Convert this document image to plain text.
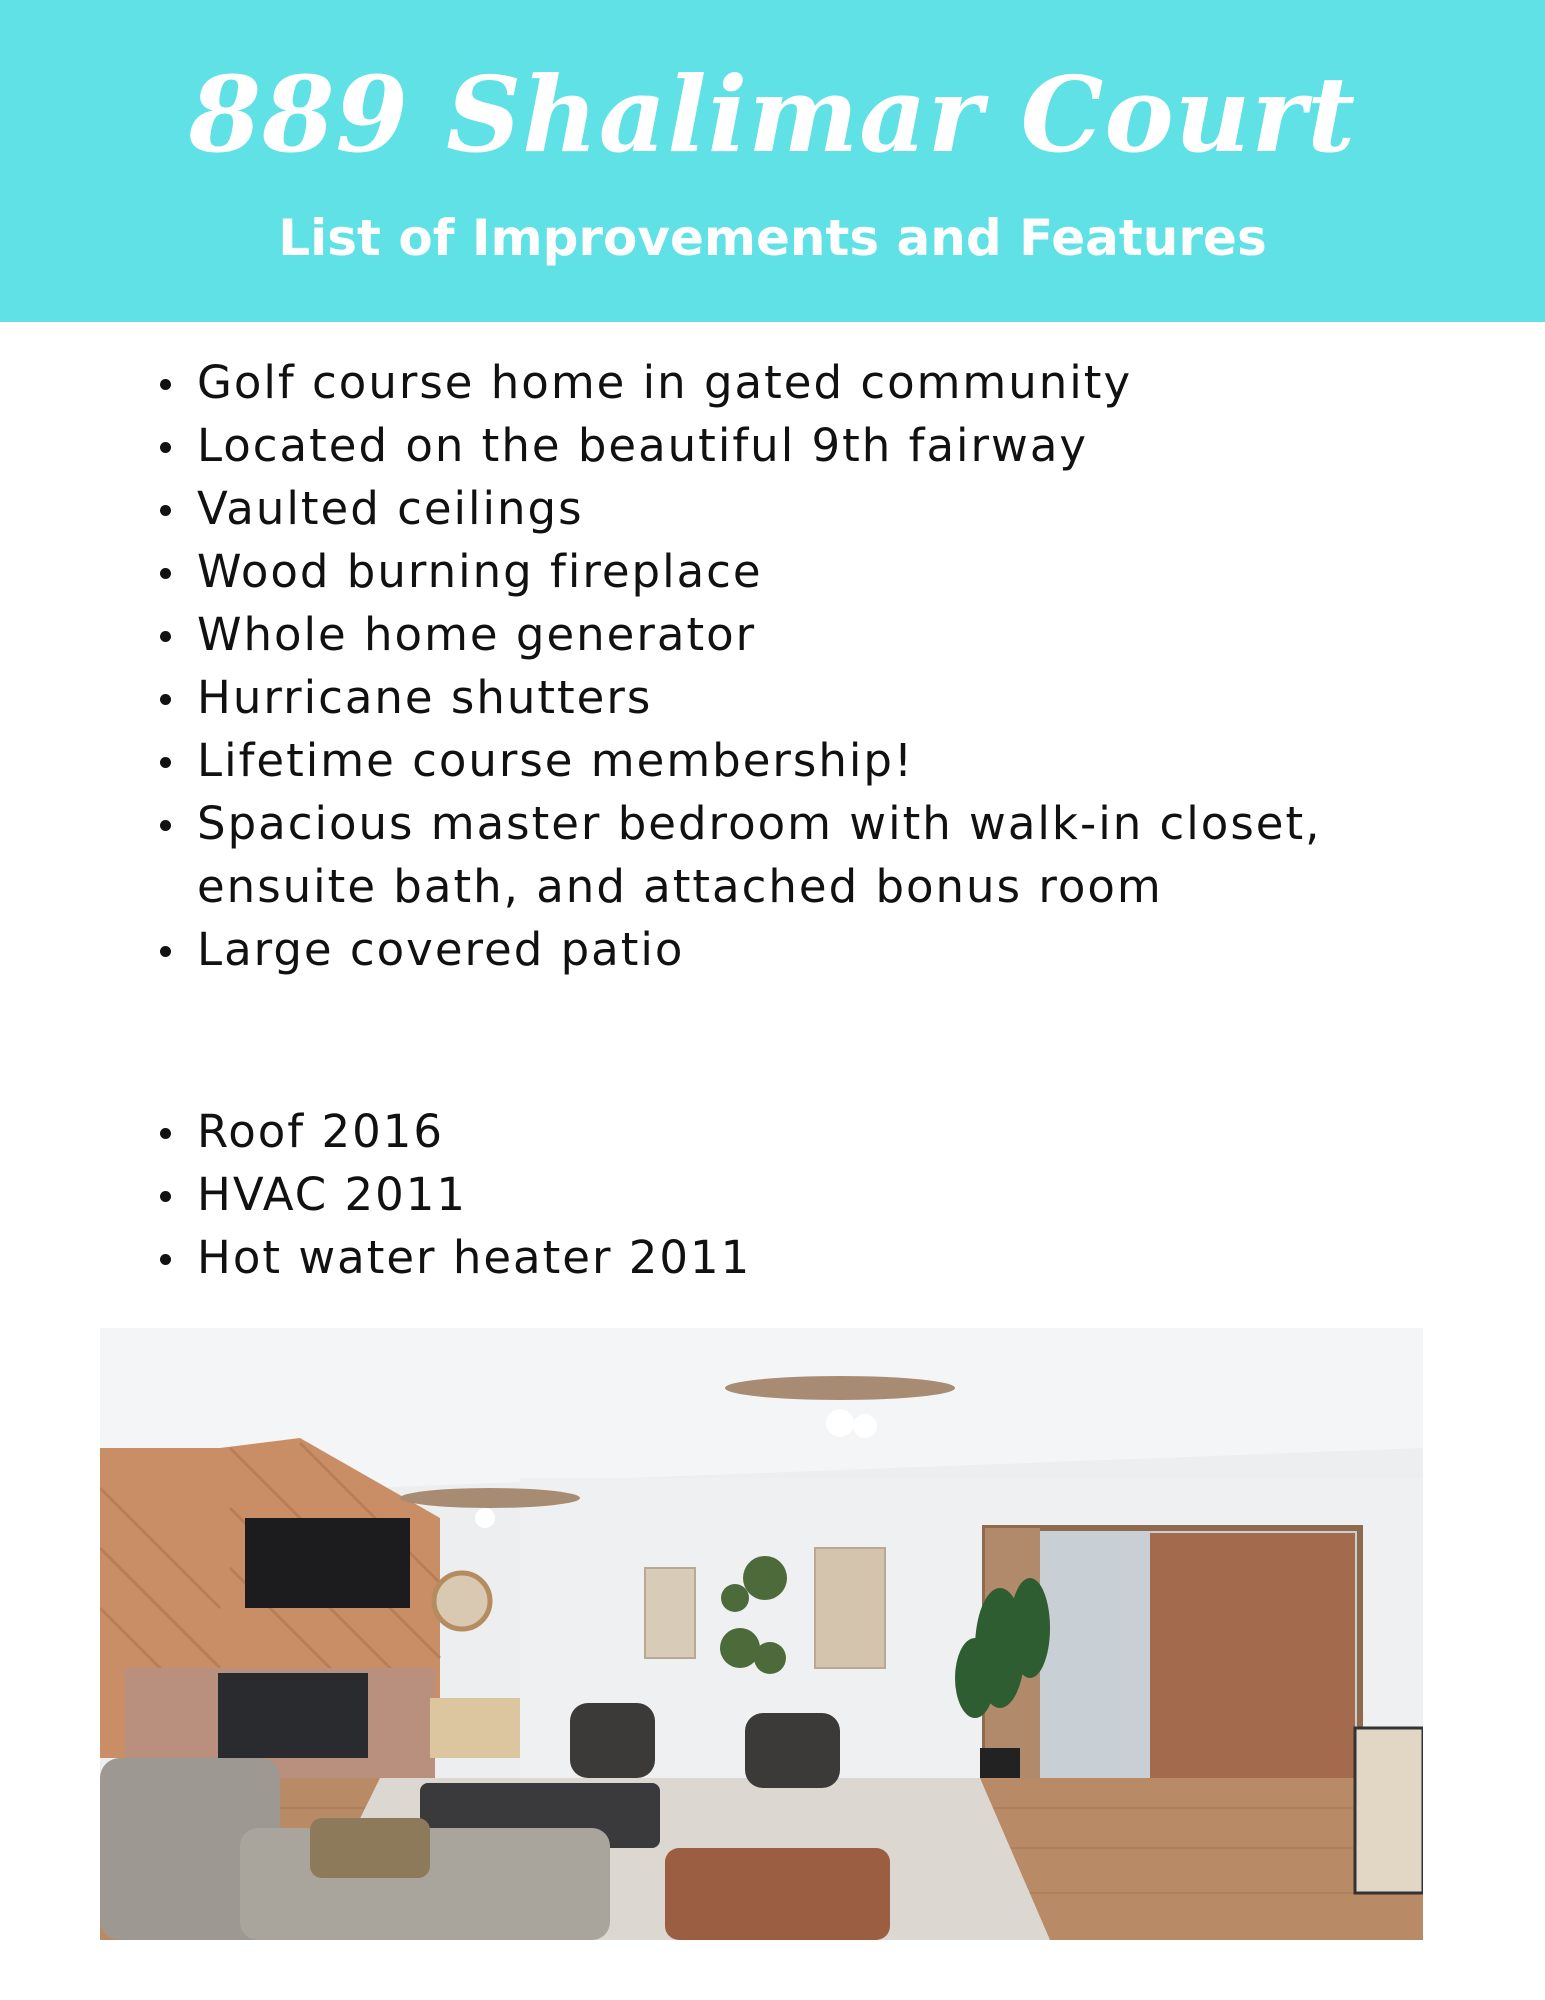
889 Shalimar Court
List of Improvements and Features
Golf course home in gated community
Located on the beautiful 9th fairway
Vaulted ceilings
Wood burning fireplace
Whole home generator
Hurricane shutters
Lifetime course membership!
Spacious master bedroom with walk-in closet, ensuite bath, and attached bonus room
Large covered patio
Roof 2016
HVAC 2011
Hot water heater 2011
